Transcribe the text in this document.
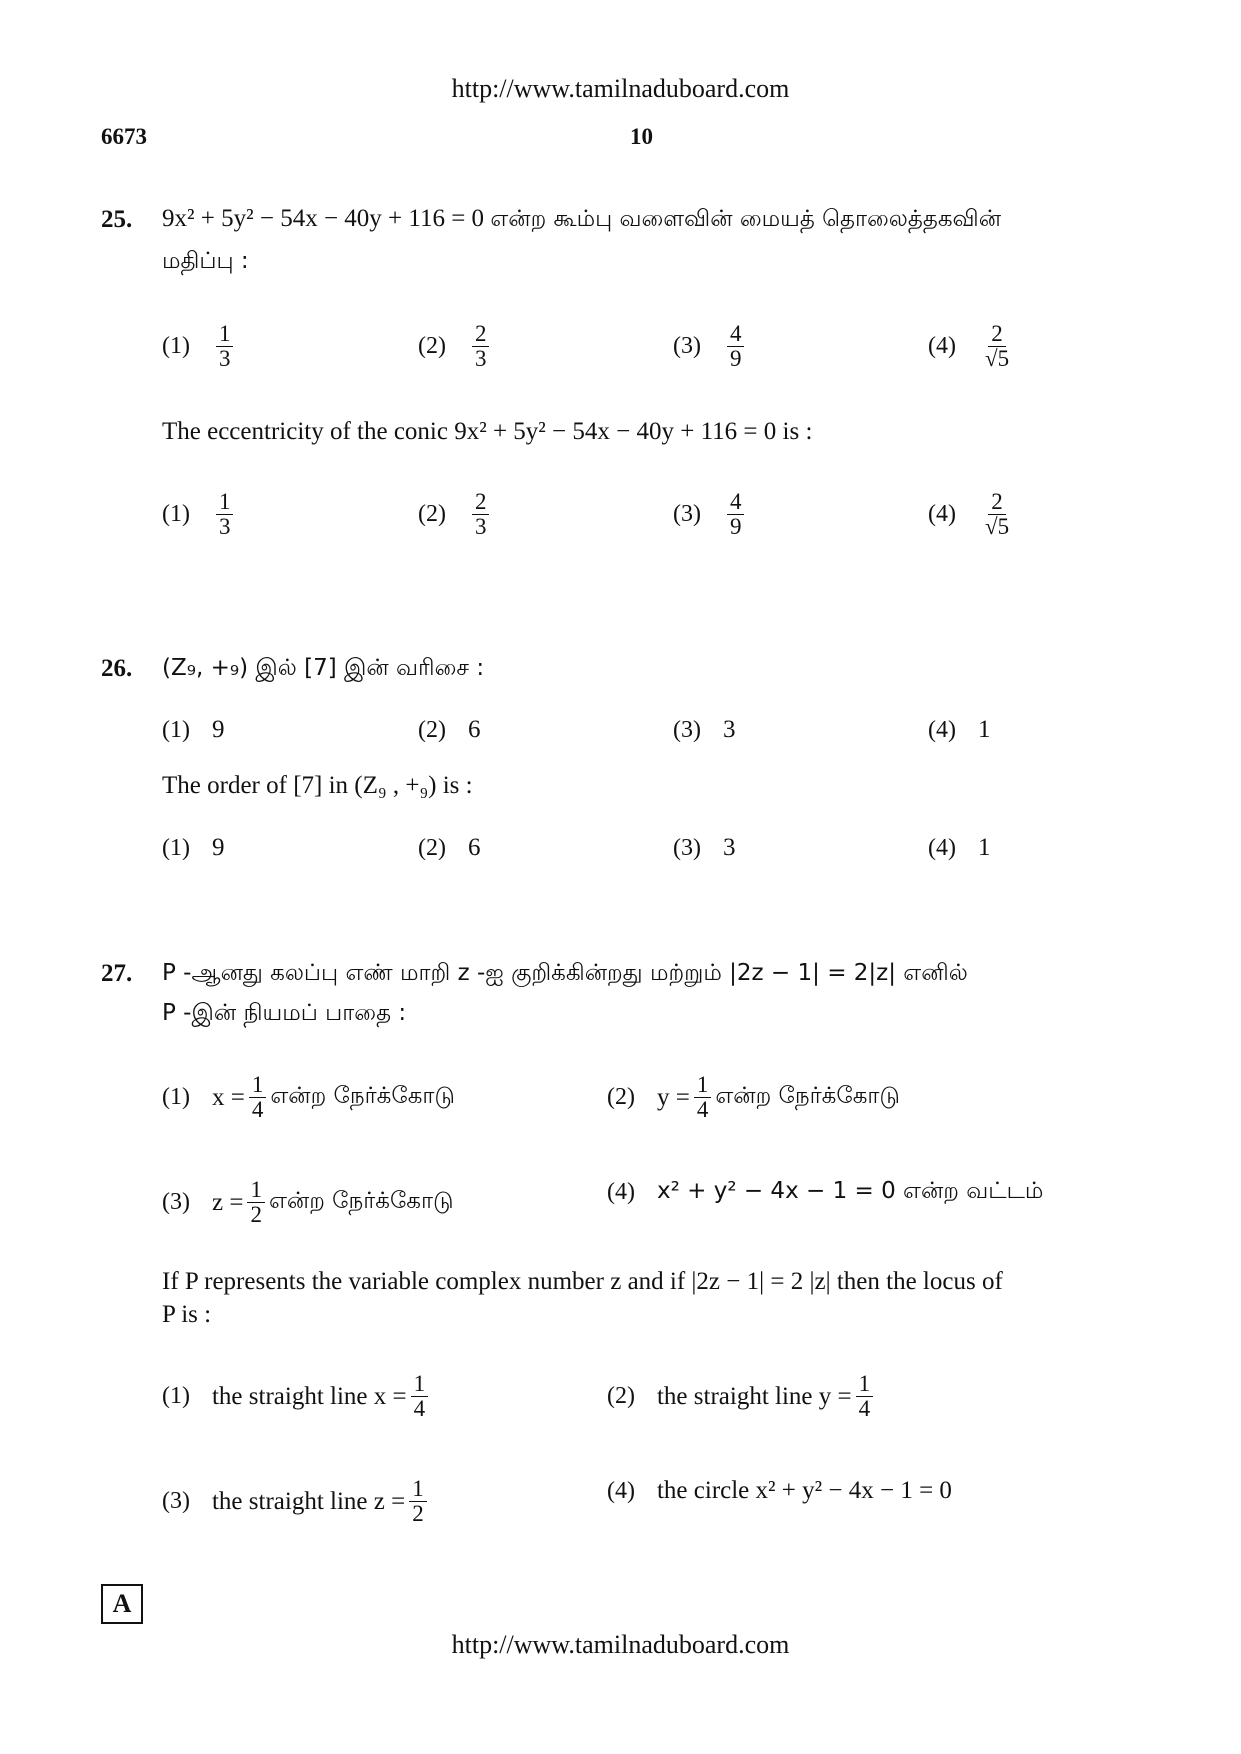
http://www.tamilnaduboard.com
6673	10
25. 9x² + 5y² − 54x − 40y + 116 = 0 என்ற கூம்பு வளைவின் மையத் தொலைத்தகவின்
மதிப்பு :
$(1) \frac{1}{3}$	$(2) \frac{2}{3}$	$(3) \frac{4}{9}$	$(4) \frac{2}{√5}$
The eccentricity of the conic 9x² + 5y² − 54x − 40y + 116 = 0 is :
$(1) \frac{1}{3}$	$(2) \frac{2}{3}$	$(3) \frac{4}{9}$	$(4) \frac{2}{√5}$
26. (Z₉, +₉) இல் [7] இன் வரிசை :
(1) 9	(2) 6	(3) 3	(4) 1
The order of [7] in (Z₉ , +₉) is :
(1) 9	(2) 6	(3) 3	(4) 1
27. P -ஆனது கலப்பு எண் மாறி z -ஐ குறிக்கின்றது மற்றும் |2z − 1| = 2|z| எனில்
P -இன் நியமப் பாதை :
(1) $x = \frac{1}{4}$ என்ற நேர்க்கோடு	(2) $y = \frac{1}{4}$ என்ற நேர்க்கோடு
(3) $z = \frac{1}{2}$ என்ற நேர்க்கோடு	(4) x² + y² − 4x − 1 = 0 என்ற வட்டம்
If P represents the variable complex number z and if |2z − 1| = 2 |z| then the locus of
P is :
(1) the straight line $x = \frac{1}{4}$	(2) the straight line $y = \frac{1}{4}$
(3) the straight line $z = \frac{1}{2}$	(4) the circle x² + y² − 4x − 1 = 0
A
http://www.tamilnaduboard.com
